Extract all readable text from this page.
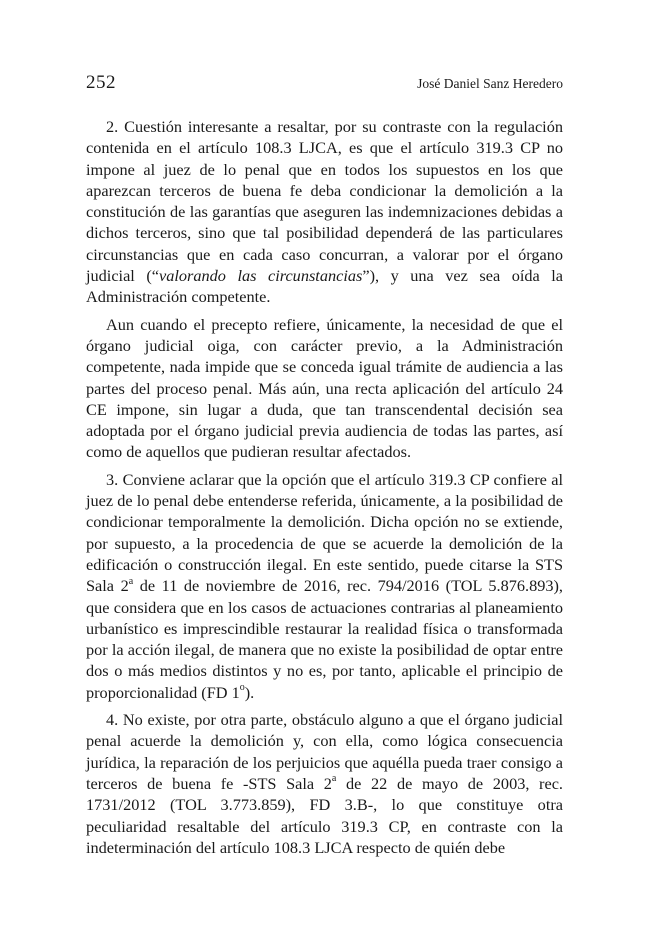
252	José Daniel Sanz Heredero

2. Cuestión interesante a resaltar, por su contraste con la regulación contenida en el artículo 108.3 LJCA, es que el artículo 319.3 CP no impone al juez de lo penal que en todos los supuestos en los que aparezcan terceros de buena fe deba condicionar la demolición a la constitución de las garantías que aseguren las indemnizaciones debidas a dichos terceros, sino que tal posibilidad dependerá de las particulares circunstancias que en cada caso concurran, a valorar por el órgano judicial (“valorando las circunstancias”), y una vez sea oída la Administración competente.

Aun cuando el precepto refiere, únicamente, la necesidad de que el órgano judicial oiga, con carácter previo, a la Administración competente, nada impide que se conceda igual trámite de audiencia a las partes del proceso penal. Más aún, una recta aplicación del artículo 24 CE impone, sin lugar a duda, que tan transcendental decisión sea adoptada por el órgano judicial previa audiencia de todas las partes, así como de aquellos que pudieran resultar afectados.

3. Conviene aclarar que la opción que el artículo 319.3 CP confiere al juez de lo penal debe entenderse referida, únicamente, a la posibilidad de condicionar temporalmente la demolición. Dicha opción no se extiende, por supuesto, a la procedencia de que se acuerde la demolición de la edificación o construcción ilegal. En este sentido, puede citarse la STS Sala 2$^a$ de 11 de noviembre de 2016, rec. 794/2016 (TOL 5.876.893), que considera que en los casos de actuaciones contrarias al planeamiento urbanístico es imprescindible restaurar la realidad física o transformada por la acción ilegal, de manera que no existe la posibilidad de optar entre dos o más medios distintos y no es, por tanto, aplicable el principio de proporcionalidad (FD 1$^o$).

4. No existe, por otra parte, obstáculo alguno a que el órgano judicial penal acuerde la demolición y, con ella, como lógica consecuencia jurídica, la reparación de los perjuicios que aquélla pueda traer consigo a terceros de buena fe -STS Sala 2$^a$ de 22 de mayo de 2003, rec. 1731/2012 (TOL 3.773.859), FD 3.B-, lo que constituye otra peculiaridad resaltable del artículo 319.3 CP, en contraste con la indeterminación del artículo 108.3 LJCA respecto de quién debe
